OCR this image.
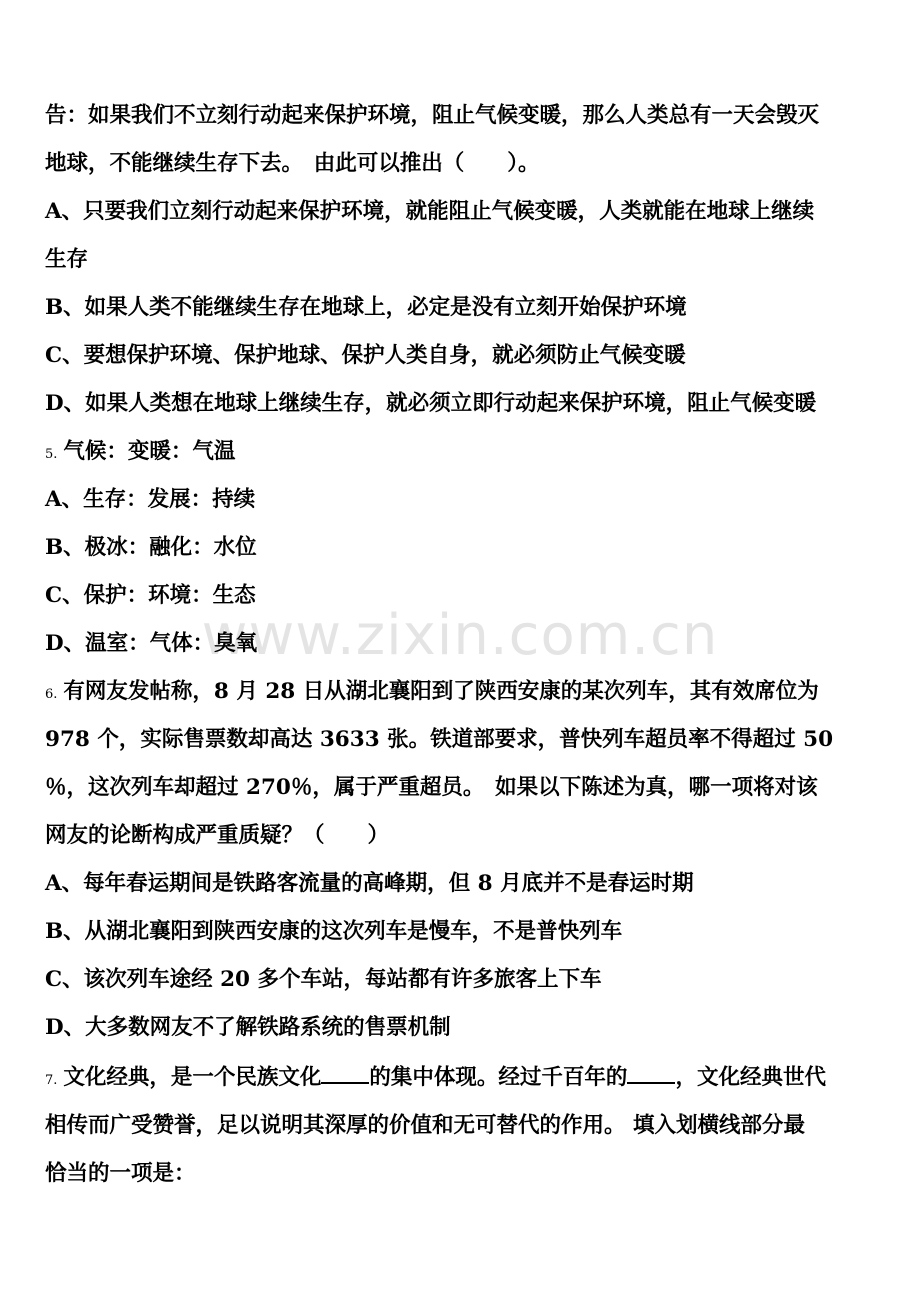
告：如果我们不立刻行动起来保护环境，阻止气候变暖，那么人类总有一天会毁灭
地球，不能继续生存下去。　由此可以推出（　　）。
A、只要我们立刻行动起来保护环境，就能阻止气候变暖，人类就能在地球上继续
生存
B、如果人类不能继续生存在地球上，必定是没有立刻开始保护环境
C、要想保护环境、保护地球、保护人类自身，就必须防止气候变暖
D、如果人类想在地球上继续生存，就必须立即行动起来保护环境，阻止气候变暖
5. 气候：变暖：气温
A、生存：发展：持续
B、极冰：融化：水位
C、保护：环境：生态
D、温室：气体：臭氧
6. 有网友发帖称，8 月 28 日从湖北襄阳到了陕西安康的某次列车，其有效席位为
978 个，实际售票数却高达 3633 张。铁道部要求，普快列车超员率不得超过 50
％，这次列车却超过 270％，属于严重超员。　如果以下陈述为真，哪一项将对该
网友的论断构成严重质疑？（　　）
A、每年春运期间是铁路客流量的高峰期，但 8 月底并不是春运时期
B、从湖北襄阳到陕西安康的这次列车是慢车，不是普快列车
C、该次列车途经 20 多个车站，每站都有许多旅客上下车
D、大多数网友不了解铁路系统的售票机制
7. 文化经典，是一个民族文化 的集中体现。经过千百年的 ，文化经典世代
相传而广受赞誉，足以说明其深厚的价值和无可替代的作用。 填入划横线部分最
恰当的一项是：
www.zixin.com.cn
